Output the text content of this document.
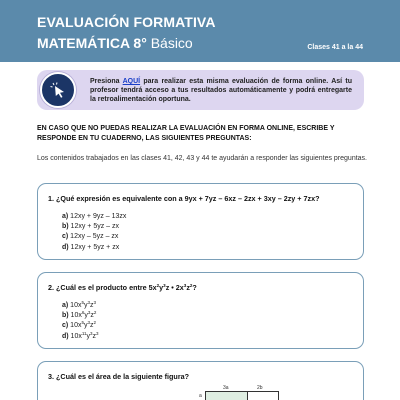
EVALUACIÓN FORMATIVA
MATEMÁTICA 8° Básico	Clases 41 a la 44
Presiona AQUÍ para realizar esta misma evaluación de forma online. Así tu profesor tendrá acceso a tus resultados automáticamente y podrá entregarte la retroalimentación oportuna.
EN CASO QUE NO PUEDAS REALIZAR LA EVALUACIÓN EN FORMA ONLINE, ESCRIBE Y RESPONDE EN TU CUADERNO, LAS SIGUIENTES PREGUNTAS:
Los contenidos trabajados en las clases 41, 42, 43 y 44 te ayudarán a responder las siguientes preguntas.
1. ¿Qué expresión es equivalente con a 9yx + 7yz – 6xz – 2zx + 3xy – 2zy + 7zx?
a) 12xy + 9yz – 13zx
b) 12xy + 5yz – zx
c) 12xy – 5yz – zx
d) 12xy + 5yz + zx
2. ¿Cuál es el producto entre $5x^2y^3z$ • $2x^3z^2$?
a) $10x^5y^3z^3$
b) $10x^6y^3z^2$
c) $10x^5y^3z^2$
d) $10x^{11}y^3z^3$
3. ¿Cuál es el área de la siguiente figura?
3a	2b
a
